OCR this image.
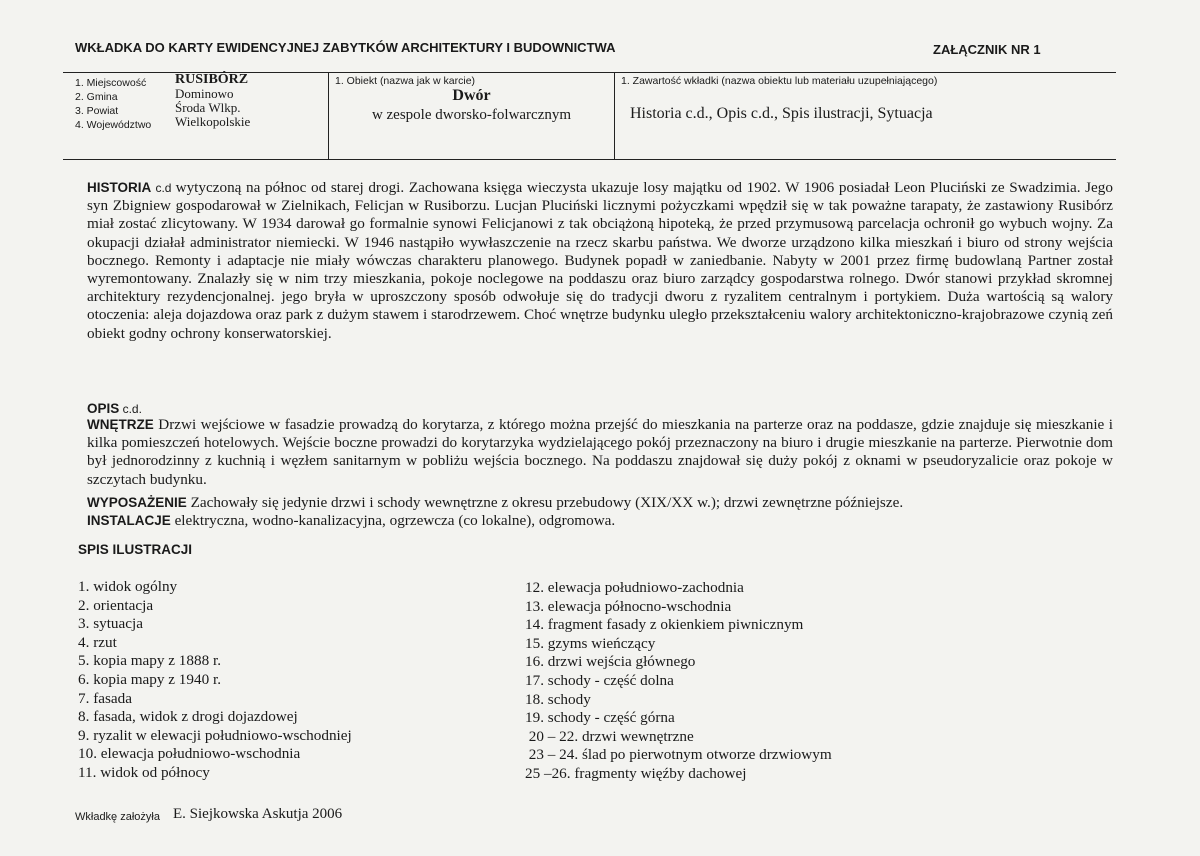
WKŁADKA DO KARTY EWIDENCYJNEJ ZABYTKÓW ARCHITEKTURY I BUDOWNICTWA	ZAŁĄCZNIK NR 1
1. Miejscowość
2. Gmina
3. Powiat
4. Województwo
RUSIBÓRZ
Dominowo
Środa Wlkp.
Wielkopolskie
1. Obiekt (nazwa jak w karcie)
Dwór
w zespole dworsko-folwarcznym
1. Zawartość wkładki (nazwa obiektu lub materiału uzupełniającego)
Historia c.d., Opis c.d., Spis ilustracji, Sytuacja

HISTORIA c.d wytyczoną na północ od starej drogi. Zachowana księga wieczysta ukazuje losy majątku od 1902. W 1906 posiadał Leon Pluciński ze Swadzimia. Jego syn Zbigniew gospodarował w Zielnikach, Felicjan w Rusiborzu. Lucjan Pluciński licznymi pożyczkami wpędził się w tak poważne tarapaty, że zastawiony Rusibórz miał zostać zlicytowany. W 1934 darował go formalnie synowi Felicjanowi z tak obciążoną hipoteką, że przed przymusową parcelacja ochronił go wybuch wojny. Za okupacji działał administrator niemiecki. W 1946 nastąpiło wywłaszczenie na rzecz skarbu państwa. We dworze urządzono kilka mieszkań i biuro od strony wejścia bocznego. Remonty i adaptacje nie miały wówczas charakteru planowego. Budynek popadł w zaniedbanie. Nabyty w 2001 przez firmę budowlaną Partner został wyremontowany. Znalazły się w nim trzy mieszkania, pokoje noclegowe na poddaszu oraz biuro zarządcy gospodarstwa rolnego. Dwór stanowi przykład skromnej architektury rezydencjonalnej. jego bryła w uproszczony sposób odwołuje się do tradycji dworu z ryzalitem centralnym i portykiem. Duża wartością są walory otoczenia: aleja dojazdowa oraz park z dużym stawem i starodrzewem. Choć wnętrze budynku uległo przekształceniu walory architektoniczno-krajobrazowe czynią zeń obiekt godny ochrony konserwatorskiej.

OPIS c.d.

WNĘTRZE Drzwi wejściowe w fasadzie prowadzą do korytarza, z którego można przejść do mieszkania na parterze oraz na poddasze, gdzie znajduje się mieszkanie i kilka pomieszczeń hotelowych. Wejście boczne prowadzi do korytarzyka wydzielającego pokój przeznaczony na biuro i drugie mieszkanie na parterze. Pierwotnie dom był jednorodzinny z kuchnią i węzłem sanitarnym w pobliżu wejścia bocznego. Na poddaszu znajdował się duży pokój z oknami w pseudoryzalicie oraz pokoje w szczytach budynku.

WYPOSAŻENIE Zachowały się jedynie drzwi i schody wewnętrzne z okresu przebudowy (XIX/XX w.); drzwi zewnętrzne późniejsze.

INSTALACJE elektryczna, wodno-kanalizacyjna, ogrzewcza (co lokalne), odgromowa.

SPIS ILUSTRACJI
1. widok ogólny
2. orientacja
3. sytuacja
4. rzut
5. kopia mapy z 1888 r.
6. kopia mapy z 1940 r.
7. fasada
8. fasada, widok z drogi dojazdowej
9. ryzalit w elewacji południowo-wschodniej
10. elewacja południowo-wschodnia
11. widok od północy
12. elewacja południowo-zachodnia
13. elewacja północno-wschodnia
14. fragment fasady z okienkiem piwnicznym
15. gzyms wieńczący
16. drzwi wejścia głównego
17. schody - część dolna
18. schody
19. schody - część górna
20 – 22. drzwi wewnętrzne
23 – 24. ślad po pierwotnym otworze drzwiowym
25 –26. fragmenty więźby dachowej
Wkładkę założyła E. Siejkowska Askutja 2006
